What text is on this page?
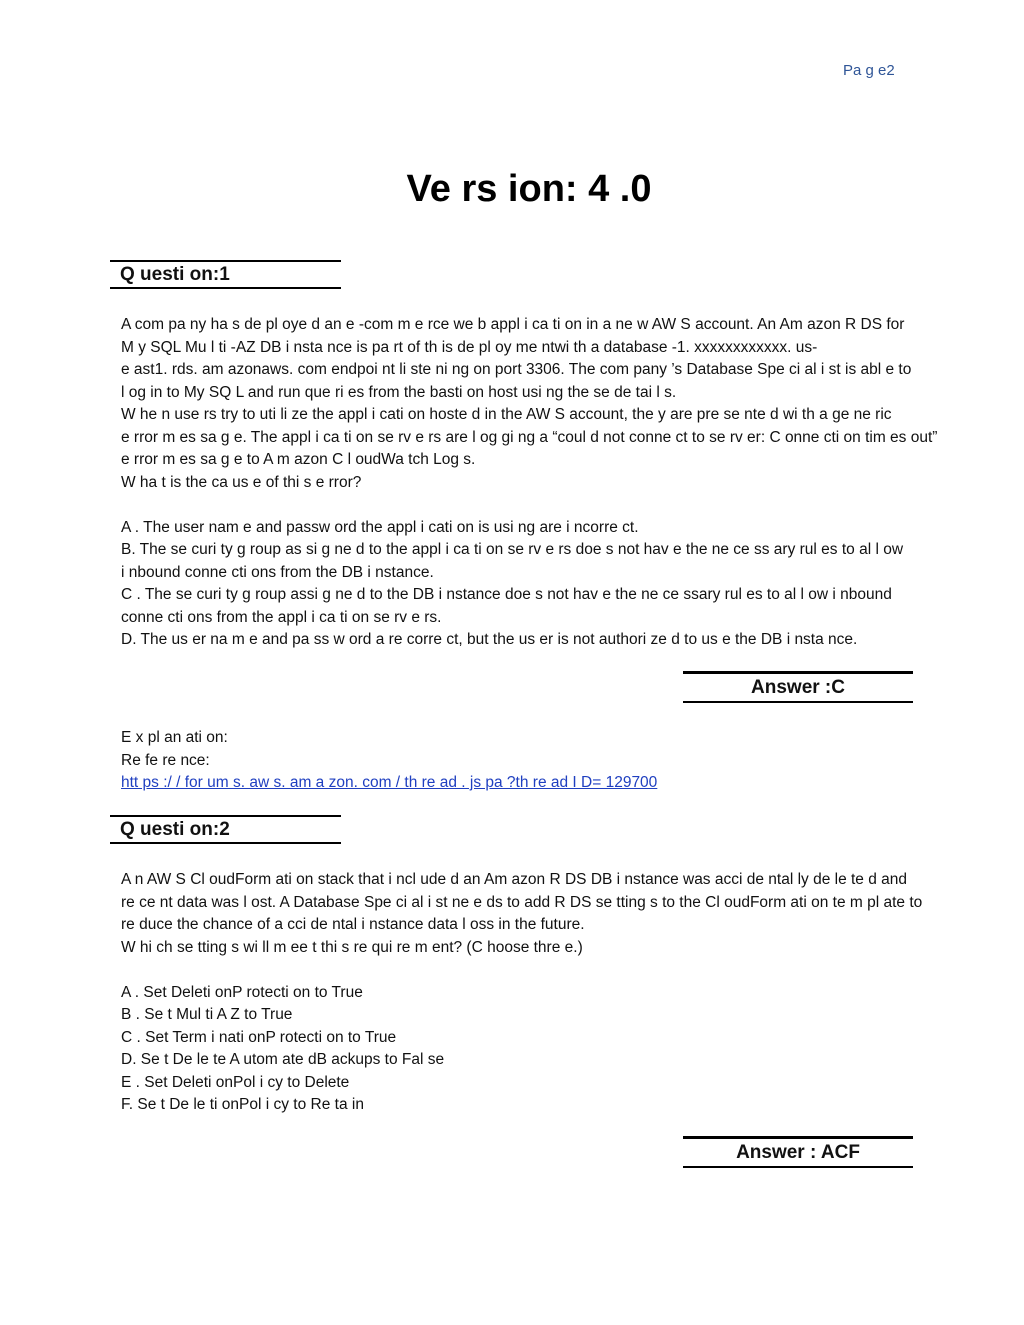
Pa g e2
Ve rs ion: 4 .0
Q uesti on:1
A com pa ny ha s de pl oye d an e -com m e rce we b appl i ca ti on in a ne w AW S account. An Am azon R DS for
M y SQL Mu l ti -AZ DB i nsta nce is pa rt of th is de pl oy me ntwi th a database -1. xxxxxxxxxxxx. us-
e ast1. rds. am azonaws. com endpoi nt li ste ni ng on port 3306. The com pany ’s Database Spe ci al i st is abl e to
l og in to My SQ L and run que ri es from the basti on host usi ng the se de tai l s.
W he n use rs try to uti li ze the appl i cati on hoste d in the AW S account, the y are pre se nte d wi th a ge ne ric
e rror m es sa g e. The appl i ca ti on se rv e rs are l og gi ng a “coul d not conne ct to se rv er: C onne cti on tim es out”
e rror m es sa g e to A m azon C l oudWa tch Log s.
W ha t is the ca us e of thi s e rror?
A . The user nam e and passw ord the appl i cati on is usi ng are i ncorre ct.
B. The se curi ty g roup as si g ne d to the appl i ca ti on se rv e rs doe s not hav e the ne ce ss ary rul es to al l ow
i nbound conne cti ons from the DB i nstance.
C . The se curi ty g roup assi g ne d to the DB i nstance doe s not hav e the ne ce ssary rul es to al l ow i nbound
conne cti ons from the appl i ca ti on se rv e rs.
D. The us er na m e and pa ss w ord a re corre ct, but the us er is not authori ze d to us e the DB i nsta nce.
Answer :C
E x pl an ati on:
Re fe re nce:
htt ps :/ / for um s. aw s. am a zon. com / th re ad . js pa ?th re ad I D= 129700
Q uesti on:2
A n AW S Cl oudForm ati on stack that i ncl ude d an Am azon R DS DB i nstance was acci de ntal ly de le te d and
re ce nt data was l ost. A Database Spe ci al i st ne e ds to add R DS se tting s to the Cl oudForm ati on te m pl ate to
re duce the chance of a cci de ntal i nstance data l oss in the future.
W hi ch se tting s wi ll m ee t thi s re qui re m ent? (C hoose thre e.)
A . Set Deleti onP rotecti on to True
B . Se t Mul ti A Z to True
C . Set Term i nati onP rotecti on to True
D. Se t De le te A utom ate dB ackups to Fal se
E . Set Deleti onPol i cy to Delete
F. Se t De le ti onPol i cy to Re ta in
Answer : ACF
